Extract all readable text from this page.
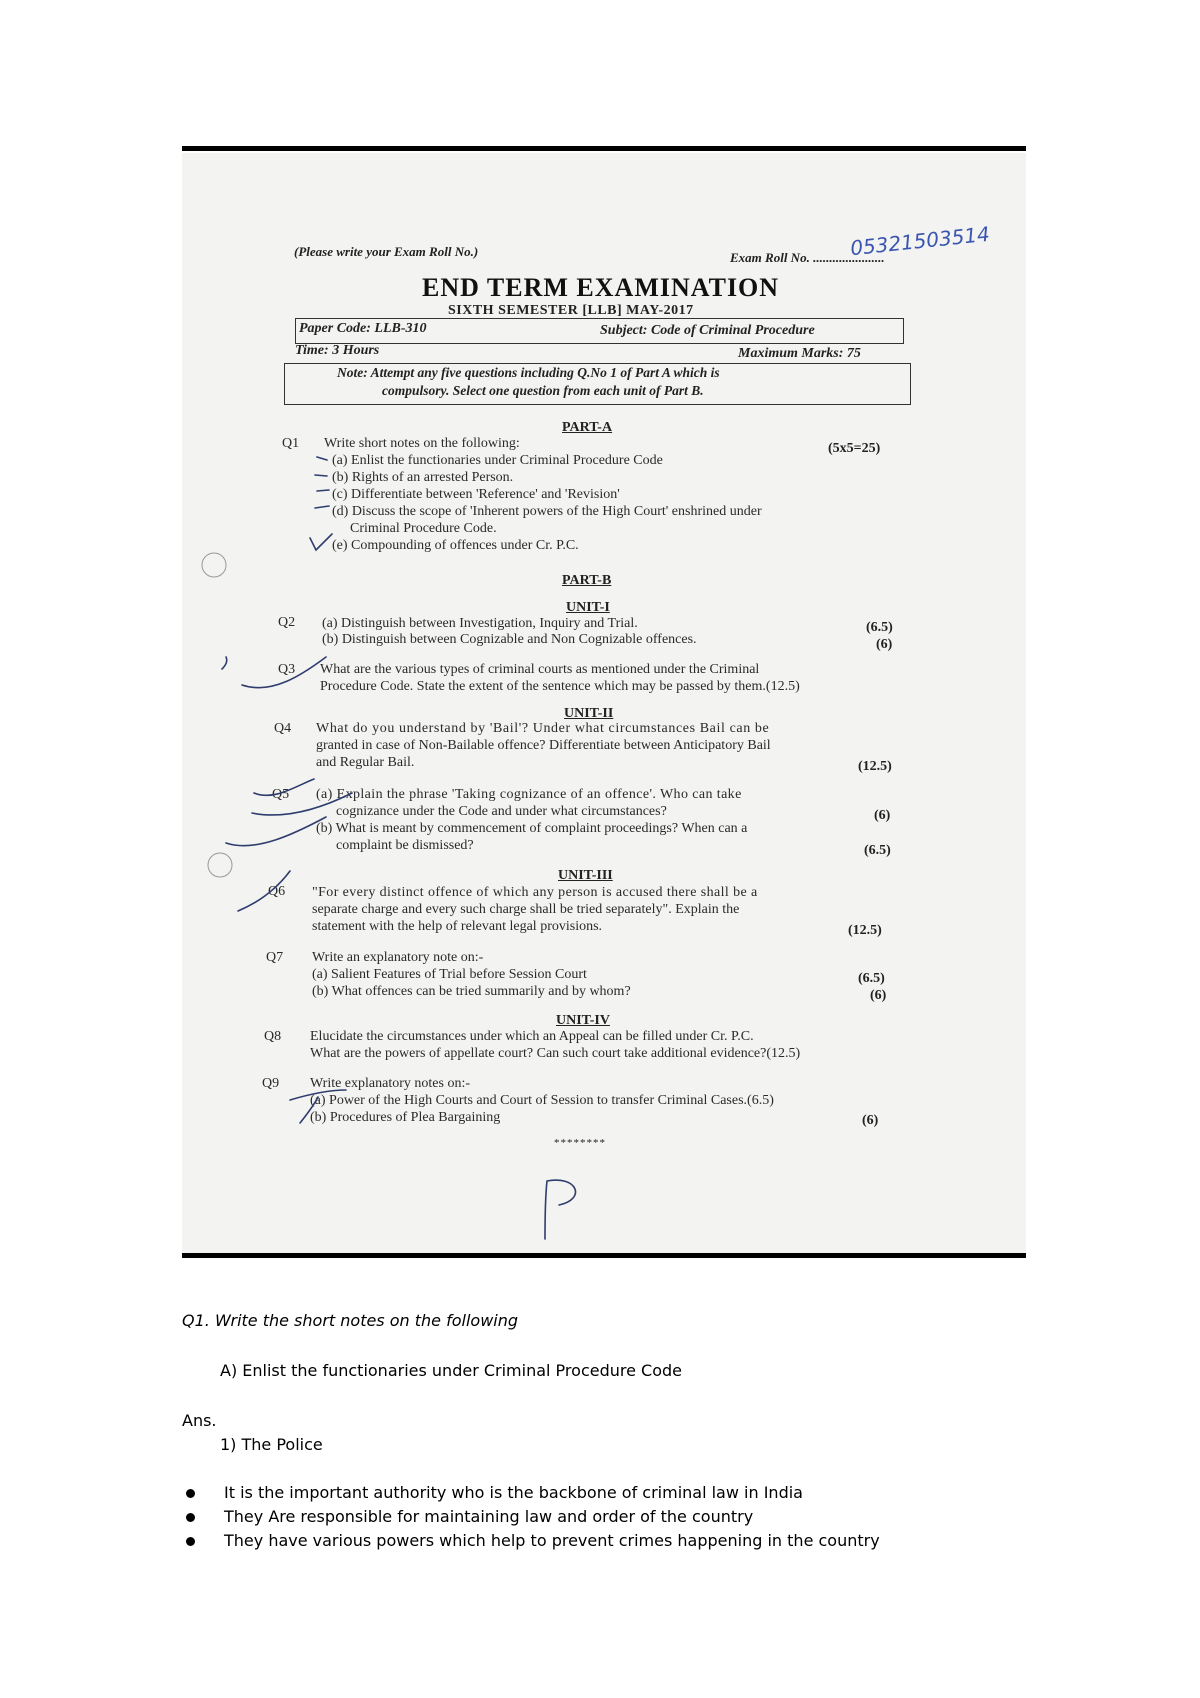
(Please write your Exam Roll No.)	Exam Roll No. ......................
05321503514
END TERM EXAMINATION
SIXTH SEMESTER [LLB] MAY-2017
Paper Code: LLB-310	Subject: Code of Criminal Procedure
Time: 3 Hours	Maximum Marks: 75
Note: Attempt any five questions including Q.No 1 of Part A which is
compulsory. Select one question from each unit of Part B.
PART-A
Q1 Write short notes on the following:	(5x5=25)
(a) Enlist the functionaries under Criminal Procedure Code
(b) Rights of an arrested Person.
(c) Differentiate between 'Reference' and 'Revision'
(d) Discuss the scope of 'Inherent powers of the High Court' enshrined under
Criminal Procedure Code.
(e) Compounding of offences under Cr. P.C.
PART-B
UNIT-I
Q2 (a) Distinguish between Investigation, Inquiry and Trial.	(6.5)
(b) Distinguish between Cognizable and Non Cognizable offences.	(6)
Q3 What are the various types of criminal courts as mentioned under the Criminal
Procedure Code. State the extent of the sentence which may be passed by them.(12.5)
UNIT-II
Q4 What do you understand by 'Bail'? Under what circumstances Bail can be
granted in case of Non-Bailable offence? Differentiate between Anticipatory Bail
and Regular Bail.	(12.5)
Q5 (a) Explain the phrase 'Taking cognizance of an offence'. Who can take
cognizance under the Code and under what circumstances?	(6)
(b) What is meant by commencement of complaint proceedings? When can a
complaint be dismissed?	(6.5)
UNIT-III
Q6 "For every distinct offence of which any person is accused there shall be a
separate charge and every such charge shall be tried separately". Explain the
statement with the help of relevant legal provisions.	(12.5)
Q7 Write an explanatory note on:-
(a) Salient Features of Trial before Session Court	(6.5)
(b) What offences can be tried summarily and by whom?	(6)
UNIT-IV
Q8 Elucidate the circumstances under which an Appeal can be filled under Cr. P.C.
What are the powers of appellate court? Can such court take additional evidence?(12.5)
Q9 Write explanatory notes on:-
(a) Power of the High Courts and Court of Session to transfer Criminal Cases.(6.5)
(b) Procedures of Plea Bargaining	(6)
********
Q1. Write the short notes on the following
A) Enlist the functionaries under Criminal Procedure Code
Ans.
1) The Police
It is the important authority who is the backbone of criminal law in India
They Are responsible for maintaining law and order of the country
They have various powers which help to prevent crimes happening in the country
